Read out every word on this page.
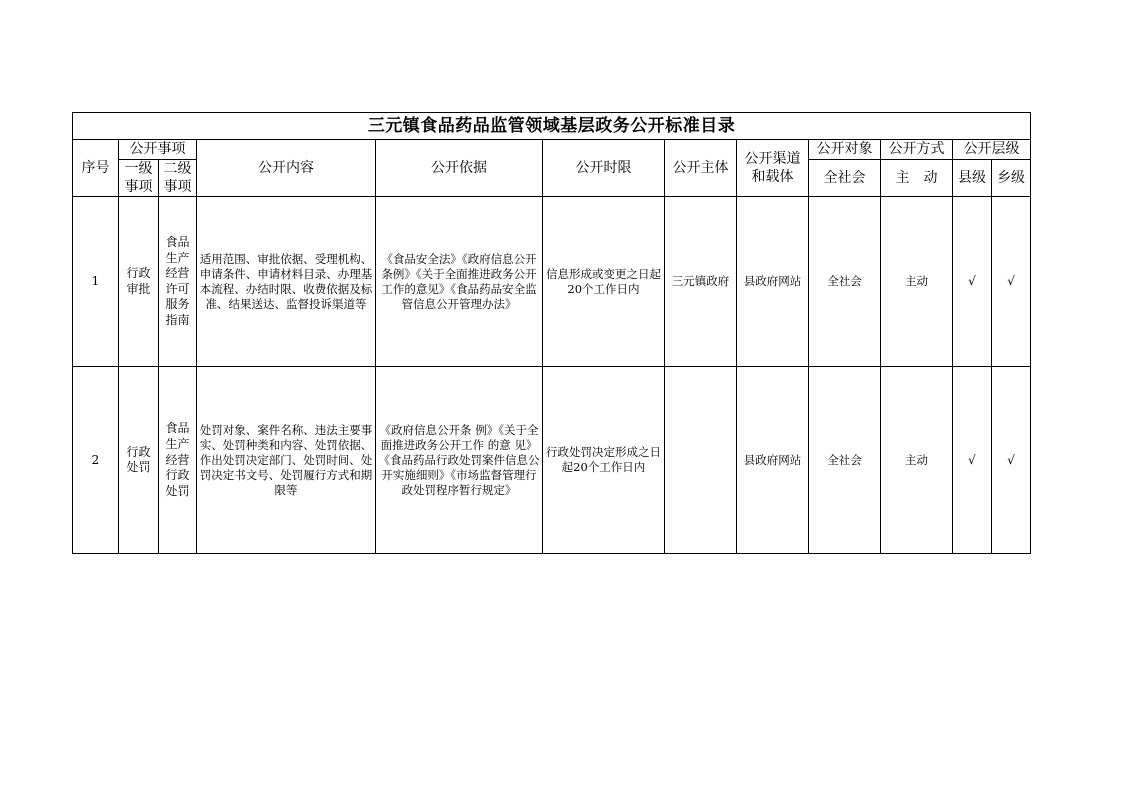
三元镇食品药品监管领域基层政务公开标准目录											
序号	公开事项		公开内容	公开依据	公开时限	公开主体	公开渠道和载体	公开对象	公开方式	公开层级	
	一级事项	二级事项						全社会	主　动	县级	乡级
1	行政审批	食品生产经营许可服务指南	适用范围、审批依据、受理机构、申请条件、申请材料目录、办理基本流程、办结时限、收费依据及标准、结果送达、监督投诉渠道等	《食品安全法》《政府信息公开条例》《关于全面推进政务公开工作的意见》《食品药品安全监管信息公开管理办法》	信息形成或变更之日起20个工作日内	三元镇政府	县政府网站	全社会	主动	√	√
2	行政处罚	食品生产经营行政处罚	处罚对象、案件名称、违法主要事实、处罚种类和内容、处罚依据、作出处罚决定部门、处罚时间、处罚决定书文号、处罚履行方式和期限等	《政府信息公开条 例》《关于全面推进政务公开工作 的意 见》《食品药品行政处罚案件信息公开实施细则》《市场监督管理行政处罚程序暂行规定》	行政处罚决定形成之日起20个工作日内		县政府网站	全社会	主动	√	√
